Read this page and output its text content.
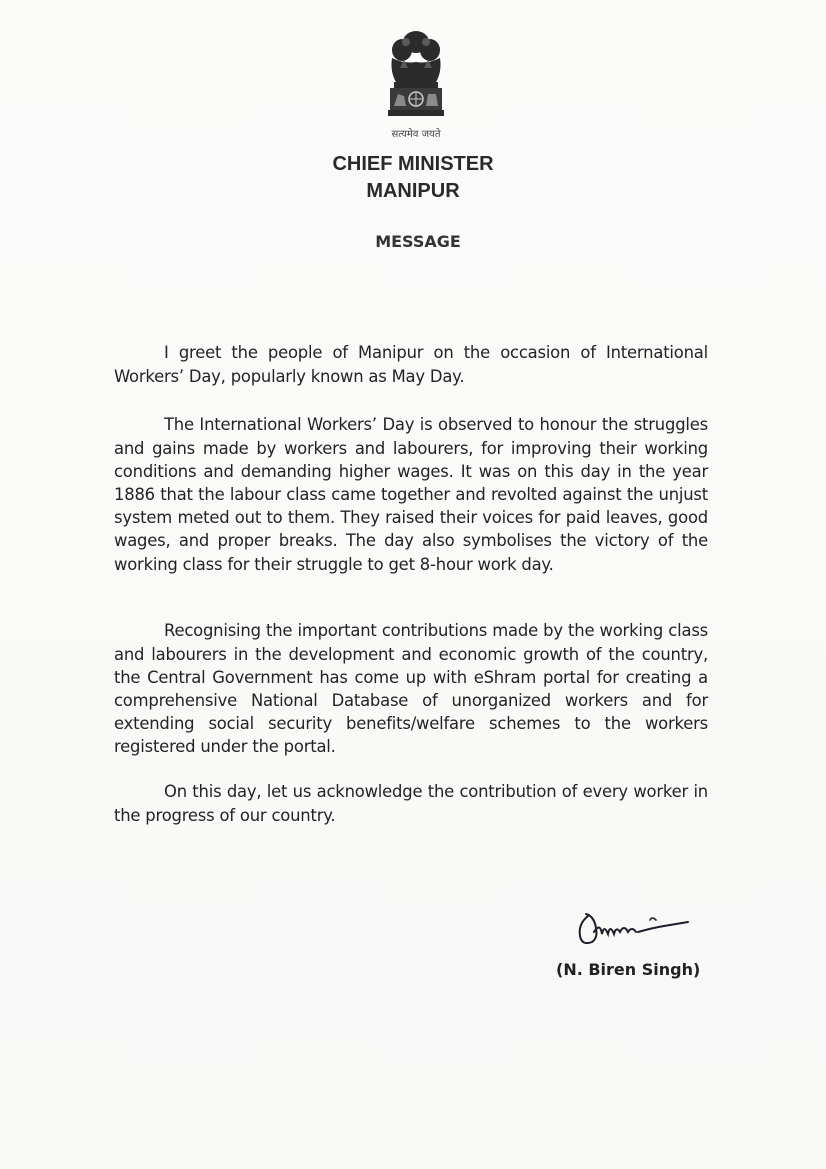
सत्यमेव जयते
CHIEF MINISTER
MANIPUR
MESSAGE

I greet the people of Manipur on the occasion of International Workers’ Day, popularly known as May Day.

The International Workers’ Day is observed to honour the struggles and gains made by workers and labourers, for improving their working conditions and demanding higher wages. It was on this day in the year 1886 that the labour class came together and revolted against the unjust system meted out to them. They raised their voices for paid leaves, good wages, and proper breaks. The day also symbolises the victory of the working class for their struggle to get 8-hour work day.

Recognising the important contributions made by the working class and labourers in the development and economic growth of the country, the Central Government has come up with eShram portal for creating a comprehensive National Database of unorganized workers and for extending social security benefits/welfare schemes to the workers registered under the portal.

On this day, let us acknowledge the contribution of every worker in the progress of our country.

(N. Biren Singh)
